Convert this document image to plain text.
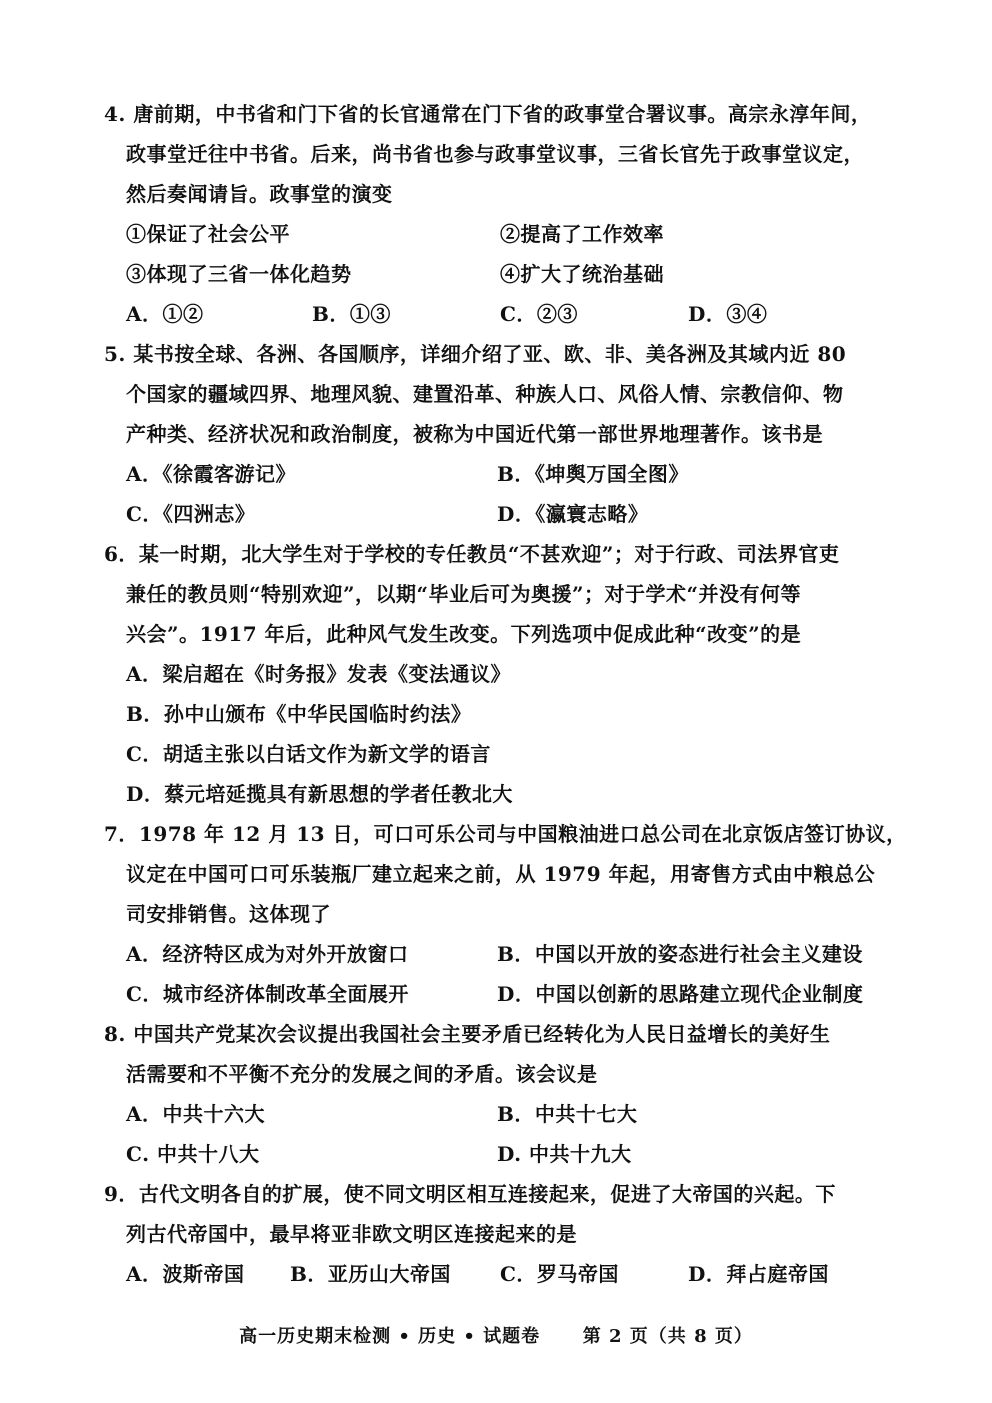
4. 唐前期，中书省和门下省的长官通常在门下省的政事堂合署议事。高宗永淳年间，
政事堂迁往中书省。后来，尚书省也参与政事堂议事，三省长官先于政事堂议定，
然后奏闻请旨。政事堂的演变
①保证了社会公平	②提高了工作效率
③体现了三省一体化趋势	④扩大了统治基础
A．①②	B．①③	C．②③	D．③④
5. 某书按全球、各洲、各国顺序，详细介绍了亚、欧、非、美各洲及其域内近 80
个国家的疆域四界、地理风貌、建置沿革、种族人口、风俗人情、宗教信仰、物
产种类、经济状况和政治制度，被称为中国近代第一部世界地理著作。该书是
A．《徐霞客游记》	B．《坤舆万国全图》
C．《四洲志》	D．《瀛寰志略》
6．某一时期，北大学生对于学校的专任教员“不甚欢迎”；对于行政、司法界官吏
兼任的教员则“特别欢迎”，以期“毕业后可为奥援”；对于学术“并没有何等
兴会”。1917 年后，此种风气发生改变。下列选项中促成此种“改变”的是
A．梁启超在《时务报》发表《变法通议》
B．孙中山颁布《中华民国临时约法》
C．胡适主张以白话文作为新文学的语言
D．蔡元培延揽具有新思想的学者任教北大
7．1978 年 12 月 13 日，可口可乐公司与中国粮油进口总公司在北京饭店签订协议，
议定在中国可口可乐装瓶厂建立起来之前，从 1979 年起，用寄售方式由中粮总公
司安排销售。这体现了
A．经济特区成为对外开放窗口	B．中国以开放的姿态进行社会主义建设
C．城市经济体制改革全面展开	D．中国以创新的思路建立现代企业制度
8. 中国共产党某次会议提出我国社会主要矛盾已经转化为人民日益增长的美好生
活需要和不平衡不充分的发展之间的矛盾。该会议是
A．中共十六大	B．中共十七大
C. 中共十八大	D. 中共十九大
9．古代文明各自的扩展，使不同文明区相互连接起来，促进了大帝国的兴起。下
列古代帝国中，最早将亚非欧文明区连接起来的是
A．波斯帝国 B．亚历山大帝国 C．罗马帝国	D．拜占庭帝国
高一历史期末检测 • 历史 • 试题卷 第 2 页（共 8 页）
